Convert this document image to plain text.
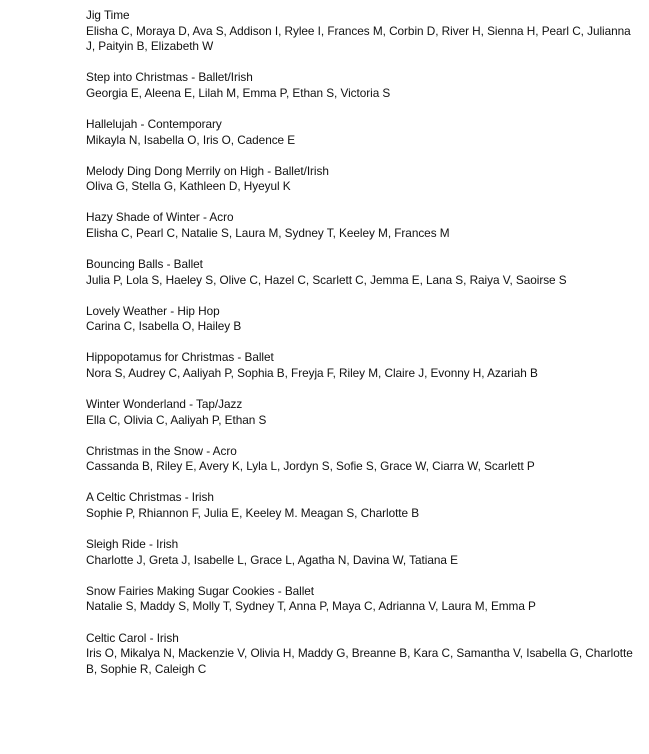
Jig Time
Elisha C, Moraya D, Ava S, Addison I, Rylee I, Frances M, Corbin D, River H, Sienna H, Pearl C, Julianna J, Paityin B, Elizabeth W
Step into Christmas - Ballet/Irish
Georgia E, Aleena E, Lilah M, Emma P, Ethan S, Victoria S
Hallelujah - Contemporary
Mikayla N, Isabella O, Iris O, Cadence E
Melody Ding Dong Merrily on High - Ballet/Irish
Oliva G, Stella G, Kathleen D, Hyeyul K
Hazy Shade of Winter - Acro
Elisha C, Pearl C, Natalie S, Laura M, Sydney T, Keeley M, Frances M
Bouncing Balls - Ballet
Julia P, Lola S, Haeley S, Olive C, Hazel C, Scarlett C, Jemma E, Lana S, Raiya V, Saoirse S
Lovely Weather - Hip Hop
Carina C, Isabella O, Hailey B
Hippopotamus for Christmas - Ballet
Nora S, Audrey C, Aaliyah P, Sophia B, Freyja F, Riley M, Claire J, Evonny H, Azariah B
Winter Wonderland - Tap/Jazz
Ella C, Olivia C, Aaliyah P, Ethan S
Christmas in the Snow - Acro
Cassanda B, Riley E, Avery K, Lyla L, Jordyn S, Sofie S, Grace W, Ciarra W, Scarlett P
A Celtic Christmas - Irish
Sophie P, Rhiannon F, Julia E, Keeley M. Meagan S, Charlotte B
Sleigh Ride - Irish
Charlotte J, Greta J, Isabelle L, Grace L, Agatha N, Davina W, Tatiana E
Snow Fairies Making Sugar Cookies - Ballet
Natalie S, Maddy S, Molly T, Sydney T, Anna P, Maya C, Adrianna V, Laura M, Emma P
Celtic Carol - Irish
Iris O, Mikalya N, Mackenzie V, Olivia H, Maddy G, Breanne B, Kara C, Samantha V, Isabella G, Charlotte B, Sophie R, Caleigh C
